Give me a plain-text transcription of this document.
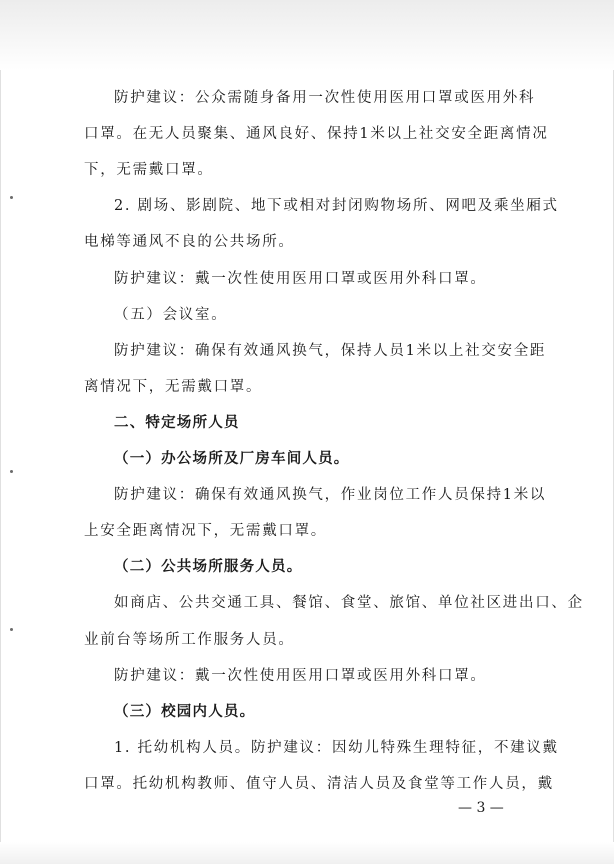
防护建议：公众需随身备用一次性使用医用口罩或医用外科
口罩。在无人员聚集、通风良好、保持1米以上社交安全距离情况
下，无需戴口罩。
2. 剧场、影剧院、地下或相对封闭购物场所、网吧及乘坐厢式
电梯等通风不良的公共场所。
防护建议：戴一次性使用医用口罩或医用外科口罩。
（五）会议室。
防护建议：确保有效通风换气，保持人员1米以上社交安全距
离情况下，无需戴口罩。
二、特定场所人员
（一）办公场所及厂房车间人员。
防护建议：确保有效通风换气，作业岗位工作人员保持1米以
上安全距离情况下，无需戴口罩。
（二）公共场所服务人员。
如商店、公共交通工具、餐馆、食堂、旅馆、单位社区进出口、企
业前台等场所工作服务人员。
防护建议：戴一次性使用医用口罩或医用外科口罩。
（三）校园内人员。
1. 托幼机构人员。防护建议：因幼儿特殊生理特征，不建议戴
口罩。托幼机构教师、值守人员、清洁人员及食堂等工作人员，戴
— 3 —
